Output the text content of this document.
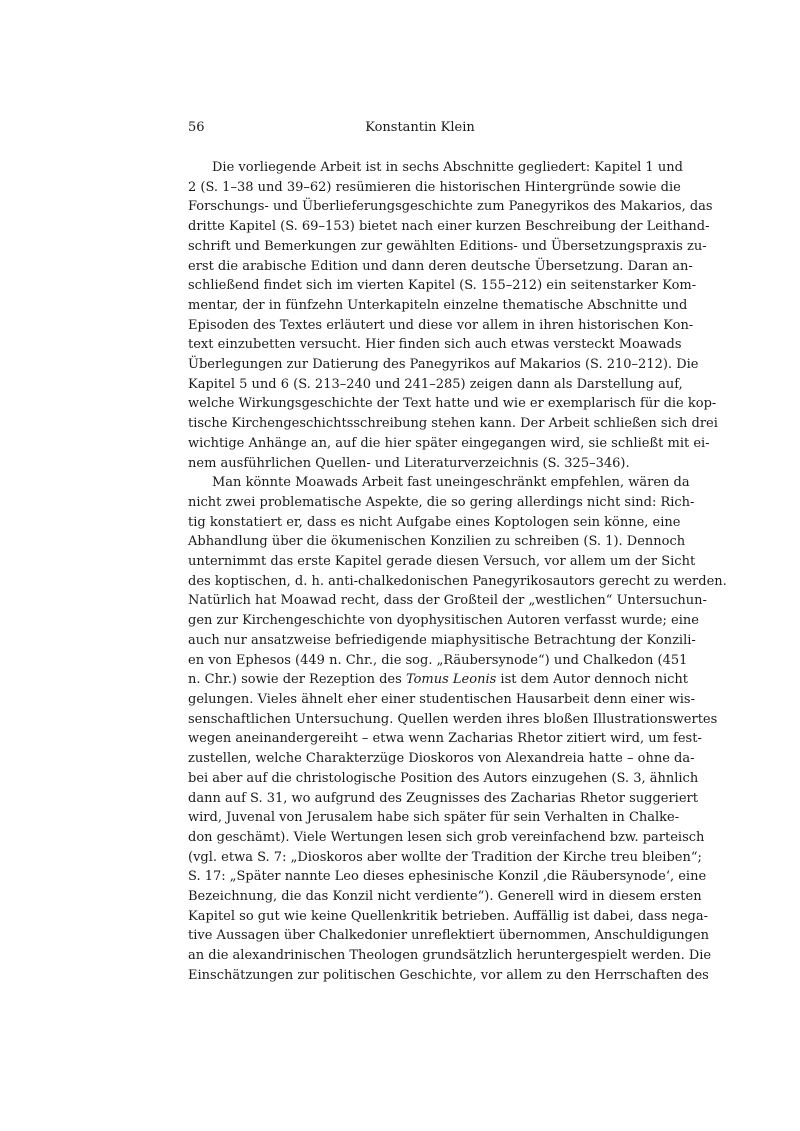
56	Konstantin Klein

Die vorliegende Arbeit ist in sechs Abschnitte gegliedert: Kapitel 1 und
2 (S. 1–38 und 39–62) resümieren die historischen Hintergründe sowie die
Forschungs- und Überlieferungsgeschichte zum Panegyrikos des Makarios, das
dritte Kapitel (S. 69–153) bietet nach einer kurzen Beschreibung der Leithand-
schrift und Bemerkungen zur gewählten Editions- und Übersetzungspraxis zu-
erst die arabische Edition und dann deren deutsche Übersetzung. Daran an-
schließend findet sich im vierten Kapitel (S. 155–212) ein seitenstarker Kom-
mentar, der in fünfzehn Unterkapiteln einzelne thematische Abschnitte und
Episoden des Textes erläutert und diese vor allem in ihren historischen Kon-
text einzubetten versucht. Hier finden sich auch etwas versteckt Moawads
Überlegungen zur Datierung des Panegyrikos auf Makarios (S. 210–212). Die
Kapitel 5 und 6 (S. 213–240 und 241–285) zeigen dann als Darstellung auf,
welche Wirkungsgeschichte der Text hatte und wie er exemplarisch für die kop-
tische Kirchengeschichtsschreibung stehen kann. Der Arbeit schließen sich drei
wichtige Anhänge an, auf die hier später eingegangen wird, sie schließt mit ei-
nem ausführlichen Quellen- und Literaturverzeichnis (S. 325–346).

Man könnte Moawads Arbeit fast uneingeschränkt empfehlen, wären da
nicht zwei problematische Aspekte, die so gering allerdings nicht sind: Rich-
tig konstatiert er, dass es nicht Aufgabe eines Koptologen sein könne, eine
Abhandlung über die ökumenischen Konzilien zu schreiben (S. 1). Dennoch
unternimmt das erste Kapitel gerade diesen Versuch, vor allem um der Sicht
des koptischen, d. h. anti-chalkedonischen Panegyrikosautors gerecht zu werden.
Natürlich hat Moawad recht, dass der Großteil der „westlichen“ Untersuchun-
gen zur Kirchengeschichte von dyophysitischen Autoren verfasst wurde; eine
auch nur ansatzweise befriedigende miaphysitische Betrachtung der Konzili-
en von Ephesos (449 n. Chr., die sog. „Räubersynode“) und Chalkedon (451
n. Chr.) sowie der Rezeption des Tomus Leonis ist dem Autor dennoch nicht
gelungen. Vieles ähnelt eher einer studentischen Hausarbeit denn einer wis-
senschaftlichen Untersuchung. Quellen werden ihres bloßen Illustrationswertes
wegen aneinandergereiht – etwa wenn Zacharias Rhetor zitiert wird, um fest-
zustellen, welche Charakterzüge Dioskoros von Alexandreia hatte – ohne da-
bei aber auf die christologische Position des Autors einzugehen (S. 3, ähnlich
dann auf S. 31, wo aufgrund des Zeugnisses des Zacharias Rhetor suggeriert
wird, Juvenal von Jerusalem habe sich später für sein Verhalten in Chalke-
don geschämt). Viele Wertungen lesen sich grob vereinfachend bzw. parteisch
(vgl. etwa S. 7: „Dioskoros aber wollte der Tradition der Kirche treu bleiben“;
S. 17: „Später nannte Leo dieses ephesinische Konzil ‚die Räubersynode‘, eine
Bezeichnung, die das Konzil nicht verdiente“). Generell wird in diesem ersten
Kapitel so gut wie keine Quellenkritik betrieben. Auffällig ist dabei, dass nega-
tive Aussagen über Chalkedonier unreflektiert übernommen, Anschuldigungen
an die alexandrinischen Theologen grundsätzlich heruntergespielt werden. Die
Einschätzungen zur politischen Geschichte, vor allem zu den Herrschaften des
